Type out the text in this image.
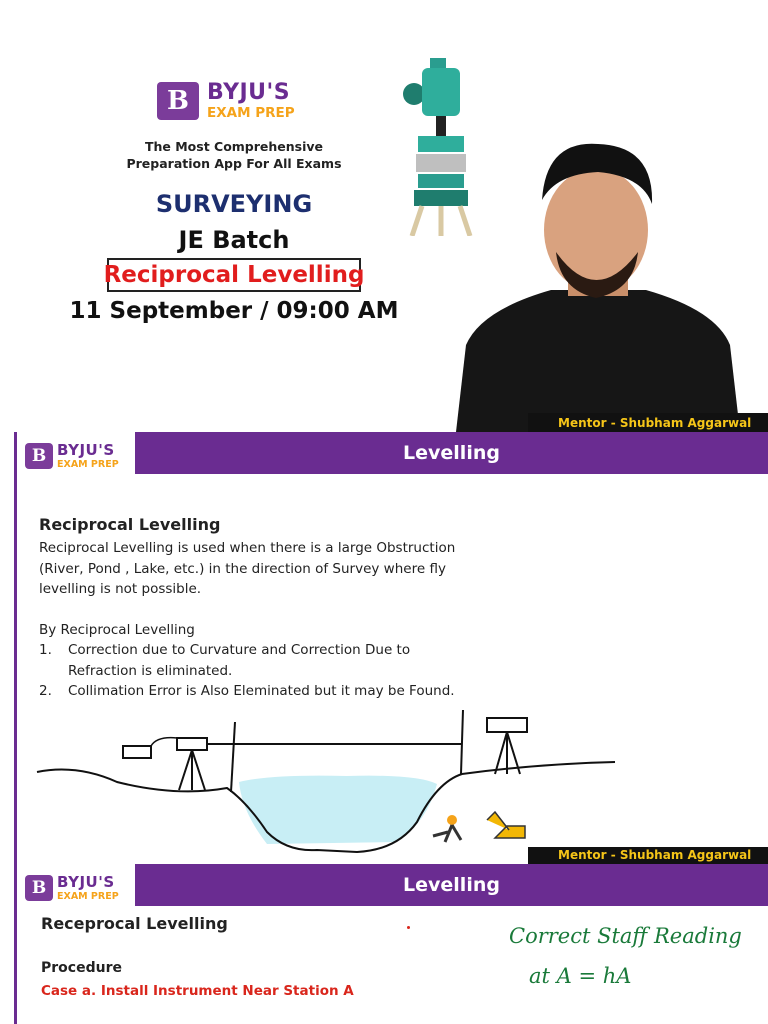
B BYJU'S
EXAM PREP
The Most Comprehensive
Preparation App For All Exams
SURVEYING
JE Batch
Reciprocal Levelling
11 September / 09:00 AM
Mentor - Shubham Aggarwal
B BYJU'S
EXAM PREP
Levelling
Reciprocal Levelling
Reciprocal Levelling is used when there is a large Obstruction
(River, Pond , Lake, etc.) in the direction of Survey where fly
levelling is not possible.
By Reciprocal Levelling
1.	Correction due to Curvature and Correction Due to
Refraction is eliminated.
2.	Collimation Error is Also Eleminated but it may be Found.
Mentor - Shubham Aggarwal
B BYJU'S
EXAM PREP
Levelling
Receprocal Levelling
Procedure
Case a. Install Instrument Near Station A
Correct Staff Reading
at A = hA
